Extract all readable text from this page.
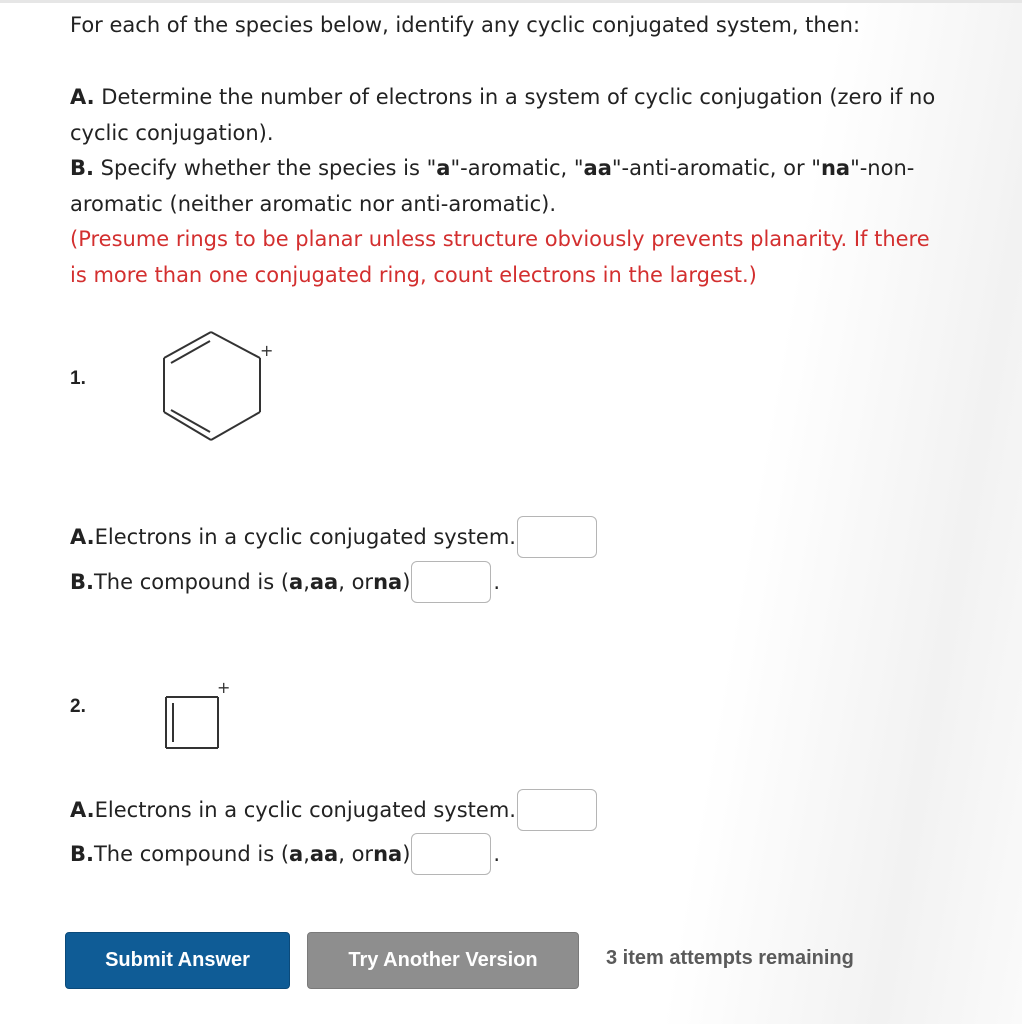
For each of the species below, identify any cyclic conjugated system, then:

A. Determine the number of electrons in a system of cyclic conjugation (zero if no cyclic conjugation).

B. Specify whether the species is "a"-aromatic, "aa"-anti-aromatic, or "na"-non-aromatic (neither aromatic nor anti-aromatic).

(Presume rings to be planar unless structure obviously prevents planarity. If there is more than one conjugated ring, count electrons in the largest.)

1.
+
A. Electrons in a cyclic conjugated system.
B. The compound is ( a , aa , or na )	.
2.
+
A. Electrons in a cyclic conjugated system.
B. The compound is ( a , aa , or na )	.
Submit Answer	Try Another Version	3 item attempts remaining
